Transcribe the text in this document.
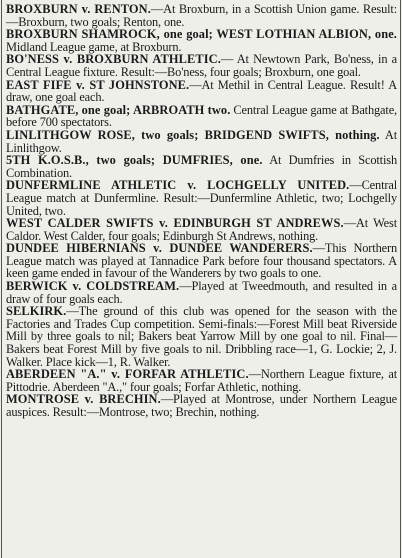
BROXBURN v. RENTON.—At Broxburn, in a Scottish Union game. Result:—Broxburn, two goals; Renton, one.

BROXBURN SHAMROCK, one goal; WEST LOTHIAN ALBION, one. Midland League game, at Broxburn.

BO'NESS v. BROXBURN ATHLETIC.— At Newtown Park, Bo'ness, in a Central League fixture. Result:—Bo'ness, four goals; Broxburn, one goal.

EAST FIFE v. ST JOHNSTONE.—At Methil in Central League. Result! A draw, one goal each.

BATHGATE, one goal; ARBROATH two. Central League game at Bathgate, before 700 spectators.

LINLITHGOW ROSE, two goals; BRIDGEND SWIFTS, nothing. At Linlithgow.

5TH K.O.S.B., two goals; DUMFRIES, one. At Dumfries in Scottish Combination.

DUNFERMLINE ATHLETIC v. LOCHGELLY UNITED.—Central League match at Dunfermline. Result:—Dunfermline Athletic, two; Lochgelly United, two.

WEST CALDER SWIFTS v. EDINBURGH ST ANDREWS.—At West Caldor. West Calder, four goals; Edinburgh St Andrews, nothing.

DUNDEE HIBERNIANS v. DUNDEE WANDERERS.—This Northern League match was played at Tannadice Park before four thousand spectators. A keen game ended in favour of the Wanderers by two goals to one.

BERWICK v. COLDSTREAM.—Played at Tweedmouth, and resulted in a draw of four goals each.

SELKIRK.—The ground of this club was opened for the season with the Factories and Trades Cup competition. Semi-finals:—Forest Mill beat Riverside Mill by three goals to nil; Bakers beat Yarrow Mill by one goal to nil. Final—Bakers beat Forest Mill by five goals to nil. Dribbling race—1, G. Lockie; 2, J. Walker. Place kick—1, R. Walker.

ABERDEEN "A." v. FORFAR ATHLETIC.—Northern League fixture, at Pittodrie. Aberdeen "A.," four goals; Forfar Athletic, nothing.

MONTROSE v. BRECHIN.—Played at Montrose, under Northern League auspices. Result:—Montrose, two; Brechin, nothing.
